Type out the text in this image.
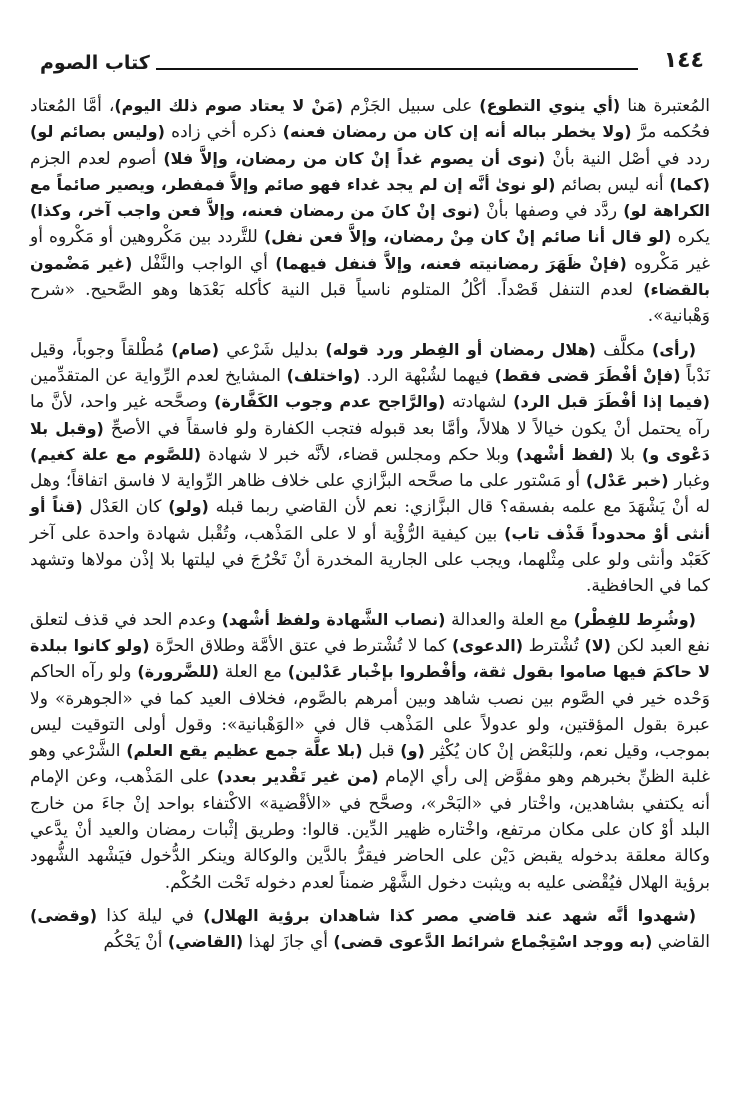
١٤٤
كتاب الصوم

المُعتبرة هنا (أي ينوي التطوع) على سبيل الجَزْم (مَنْ لا يعتاد صوم ذلك اليوم)، أمَّا المُعتاد فحُكمه مرَّ (ولا يخطر بباله أنه إن كان من رمضان فعنه) ذكره أخي زاده (وليس بصائم لو) ردد في أصْل النية بأنْ (نوى أن يصوم غداً إنْ كان من رمضان، وإلاَّ فلا) أصوم لعدم الجزم (كما) أنه ليس بصائم (لو نوىٰ أنَّه إن لم يجد غداء فهو صائم وإلاَّ فمفطر، ويصير صائماً مع الكراهة لو) ردَّد في وصفها بأنْ (نوى إنْ كانَ من رمضان فعنه، وإلاَّ فعن واجب آخر، وكذا) يكره (لو قال أنا صائم إنْ كان مِنْ رمضان، وإلاَّ فعن نفل) للتَّردد بين مَكْروهين أو مَكْروه أو غير مَكْروه (فإنْ ظَهَرَ رمضانيته فعنه، وإلاَّ فنفل فيهما) أي الواجب والنَّفْل (غير مَضْمون بالقضاء) لعدم التنفل قَصْداً. أكْلُ المتلوم ناسياً قبل النية كأكله بَعْدَها وهو الصَّحيح. «شرح وَهْبانية».

(رأى) مكلَّف (هلال رمضان أو الفِطر ورد قوله) بدليل شَرْعي (صام) مُطْلقاً وجوباً، وقيل نَدْباً (فإنْ أفْطَرَ قضى فقط) فيهما لشُبْهة الرد. (واختلف) المشايخ لعدم الرِّواية عن المتقدِّمين (فيما إذا أفْطَرَ قبل الرد) لشهادته (والرَّاجح عدم وجوب الكَفَّارة) وصحَّحه غير واحد، لأنَّ ما رآه يحتمل أنْ يكون خيالاً لا هلالاً، وأمَّا بعد قبوله فتجب الكفارة ولو فاسقاً في الأصحِّ (وقبل بلا دَعْوى و) بلا (لفظ أشْهد) وبلا حكم ومجلس قضاء، لأنَّه خبر لا شهادة (للصَّوم مع علة كغيم) وغبار (خبر عَدْل) أو مَسْتور على ما صحَّحه البزَّازي على خلاف ظاهر الرِّواية لا فاسق اتفاقاً؛ وهل له أنْ يَشْهَدَ مع علمه بفسقه؟ قال البزَّازي: نعم لأن القاضي ربما قبله (ولو) كان العَدْل (قناً أو أنثى أوْ محدوداً قَذْف تاب) بين كيفية الرُّؤْية أو لا على المَذْهب، وتُقْبل شهادة واحدة على آخر كَعَبْد وأنثى ولو على مِثْلهما، ويجب على الجارية المخدرة أنْ تَخْرُجَ في ليلتها بلا إذْن مولاها وتشهد كما في الحافظية.

(وشُرِط للفِطْر) مع العلة والعدالة (نصاب الشَّهادة ولفظ أشْهد) وعدم الحد في قذف لتعلق نفع العبد لكن (لا) تُشْترط (الدعوى) كما لا تُشْترط في عتق الأمَّة وطلاق الحرَّة (ولو كانوا ببلدة لا حاكمَ فيها صاموا بقول ثقة، وأفْطروا بإخْبار عَدْلين) مع العلة (للضَّرورة) ولو رآه الحاكم وَحْده خير في الصَّوم بين نصب شاهد وبين أمرهم بالصَّوم، فخلاف العيد كما في «الجوهرة» ولا عبرة بقول المؤقتين، ولو عدولاً على المَذْهب قال في «الوَهْبانية»: وقول أولى التوقيت ليس بموجب، وقيل نعم، وللبَعْض إنْ كان يُكْثِر (و) قبل (بلا علَّة جمع عظيم يقع العلم) الشَّرْعي وهو غلبة الظنِّ بخبرهم وهو مفوَّض إلى رأي الإمام (من غير تَقْدير بعدد) على المَذْهب، وعن الإمام أنه يكتفي بشاهدين، واخْتار في «البَحْر»، وصحَّح في «الأقْضية» الاكْتفاء بواحد إنْ جاءَ من خارج البلد أوْ كان على مكان مرتفع، واخْتاره ظهير الدِّين. قالوا: وطريق إثْبات رمضان والعيد أنْ يدَّعي وكالة معلقة بدخوله يقبض دَيْن على الحاضر فيقرُّ بالدَّين والوكالة وينكر الدُّخول فيَشْهد الشُّهود برؤية الهلال فيُقْضى عليه به ويثبت دخول الشَّهْر ضمناً لعدم دخوله تَحْت الحُكْم.

(شهدوا أنَّه شهد عند قاضي مصر كذا شاهدان برؤية الهلال) في ليلة كذا (وقضى) القاضي (به ووجد اسْتِجْماع شرائط الدَّعوى قضى) أي جازَ لهذا (القاضي) أنْ يَحْكُم
